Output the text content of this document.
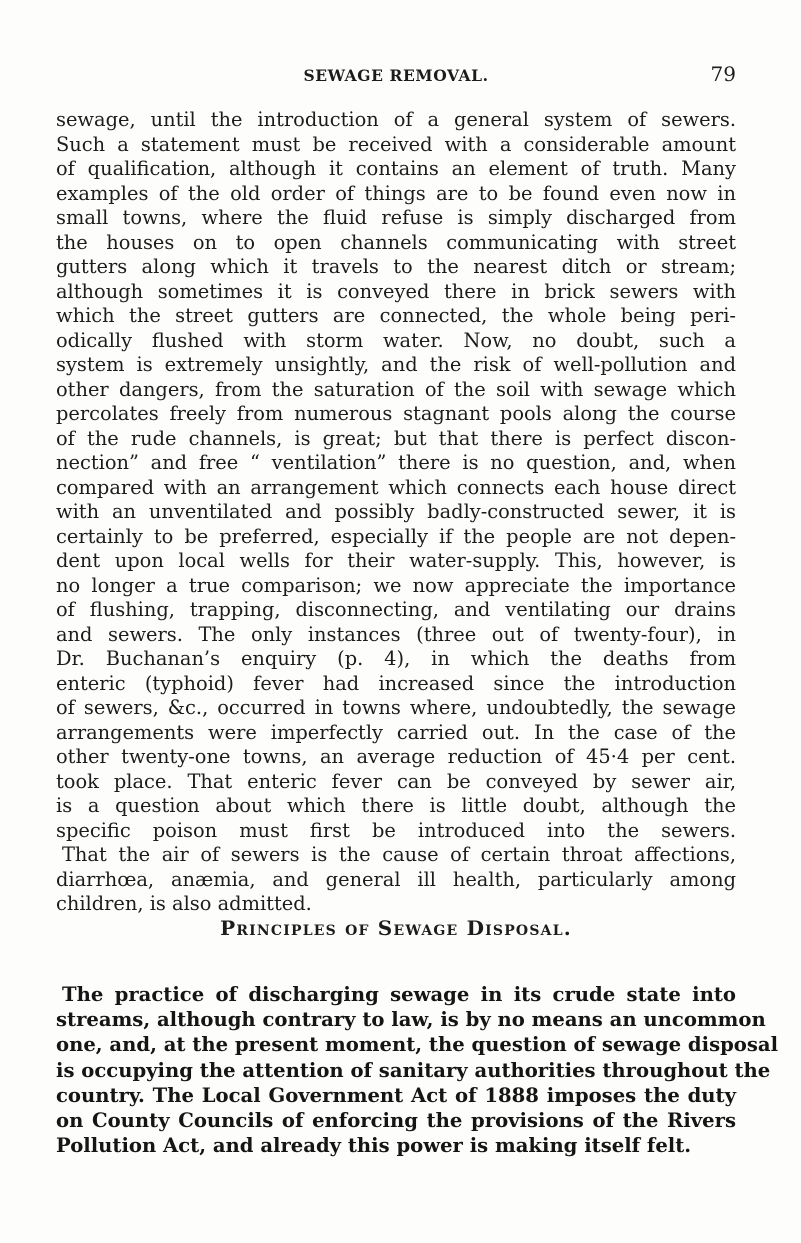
SEWAGE REMOVAL.	79
sewage, until the introduction of a general system of sewers.
Such a statement must be received with a considerable amount
of qualification, although it contains an element of truth. Many
examples of the old order of things are to be found even now in
small towns, where the fluid refuse is simply discharged from
the houses on to open channels communicating with street
gutters along which it travels to the nearest ditch or stream;
although sometimes it is conveyed there in brick sewers with
which the street gutters are connected, the whole being peri-
odically flushed with storm water. Now, no doubt, such a
system is extremely unsightly, and the risk of well-pollution and
other dangers, from the saturation of the soil with sewage which
percolates freely from numerous stagnant pools along the course
of the rude channels, is great; but that there is perfect discon-
nection” and free “ ventilation” there is no question, and, when
compared with an arrangement which connects each house direct
with an unventilated and possibly badly-constructed sewer, it is
certainly to be preferred, especially if the people are not depen-
dent upon local wells for their water-supply. This, however, is
no longer a true comparison; we now appreciate the importance
of flushing, trapping, disconnecting, and ventilating our drains
and sewers. The only instances (three out of twenty-four), in
Dr. Buchanan’s enquiry (p. 4), in which the deaths from
enteric (typhoid) fever had increased since the introduction
of sewers, &c., occurred in towns where, undoubtedly, the sewage
arrangements were imperfectly carried out. In the case of the
other twenty-one towns, an average reduction of 45·4 per cent.
took place. That enteric fever can be conveyed by sewer air,
is a question about which there is little doubt, although the
specific poison must first be introduced into the sewers.
That the air of sewers is the cause of certain throat affections,
diarrhœa, anæmia, and general ill health, particularly among
children, is also admitted.
Principles of Sewage Disposal.
The practice of discharging sewage in its crude state into
streams, although contrary to law, is by no means an uncommon
one, and, at the present moment, the question of sewage disposal
is occupying the attention of sanitary authorities throughout the
country. The Local Government Act of 1888 imposes the duty
on County Councils of enforcing the provisions of the Rivers
Pollution Act, and already this power is making itself felt.
